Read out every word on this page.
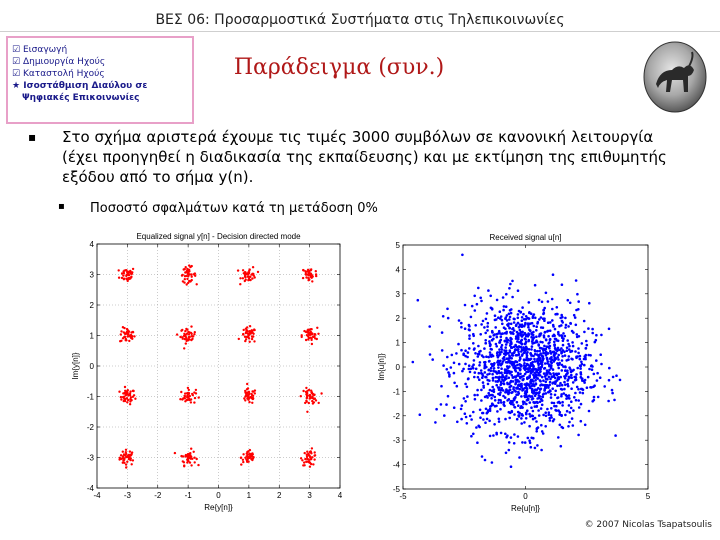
ΒΕΣ 06: Προσαρμοστικά Συστήματα στις Τηλεπικοινωνίες
☑ Εισαγωγή
☑ Δημιουργία Ηχούς
☑ Καταστολή Ηχούς
★ Ισοστάθμιση Διαύλου σε
Ψηφιακές Επικοινωνίες
Παράδειγμα (συν.)
▪ Στο σχήμα αριστερά έχουμε τις τιμές 3000 συμβόλων σε κανονική λειτουργία (έχει προηγηθεί η διαδικασία της εκπαίδευσης) και με εκτίμηση της επιθυμητής εξόδου από το σήμα y(n).
▪ Ποσοστό σφαλμάτων κατά τη μετάδοση 0%
Equalized signal y[n] - Decision directed mode
-4	-3	-2	-1	0	1	2	3	4
4
3
2
1
0
-1
-2
-3
-4
Re{y[n]}
Im{y[n]}
Received signal u[n]
-5	0	5
5
4
3
2
1
0
-1
-2
-3
-4
-5
Re{u[n]}
Im{u[n]}
© 2007 Nicolas Tsapatsoulis
